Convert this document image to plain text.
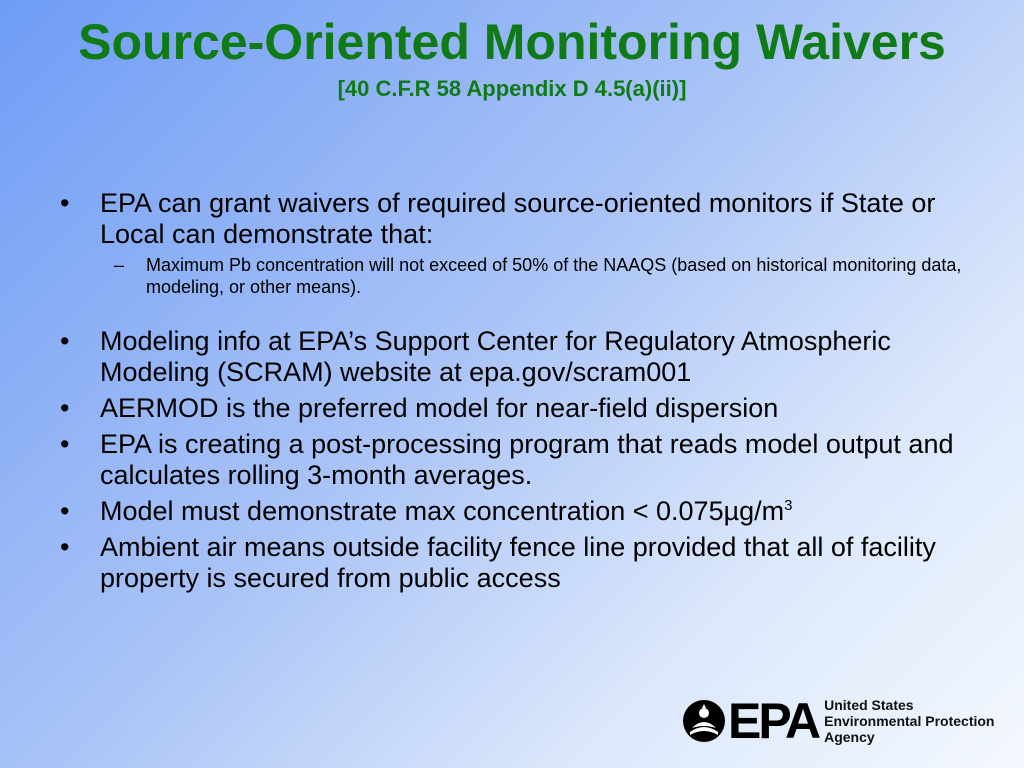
Source-Oriented Monitoring Waivers
[40 C.F.R 58 Appendix D 4.5(a)(ii)]
• EPA can grant waivers of required source-oriented monitors if State or Local can demonstrate that:
– Maximum Pb concentration will not exceed of 50% of the NAAQS (based on historical monitoring data, modeling, or other means).
• Modeling info at EPA’s Support Center for Regulatory Atmospheric Modeling (SCRAM) website at epa.gov/scram001
• AERMOD is the preferred model for near-field dispersion
• EPA is creating a post-processing program that reads model output and calculates rolling 3-month averages.
• Model must demonstrate max concentration < $0.075\mu g/m^3$
• Ambient air means outside facility fence line provided that all of facility property is secured from public access
EPA United States
Environmental Protection
Agency
